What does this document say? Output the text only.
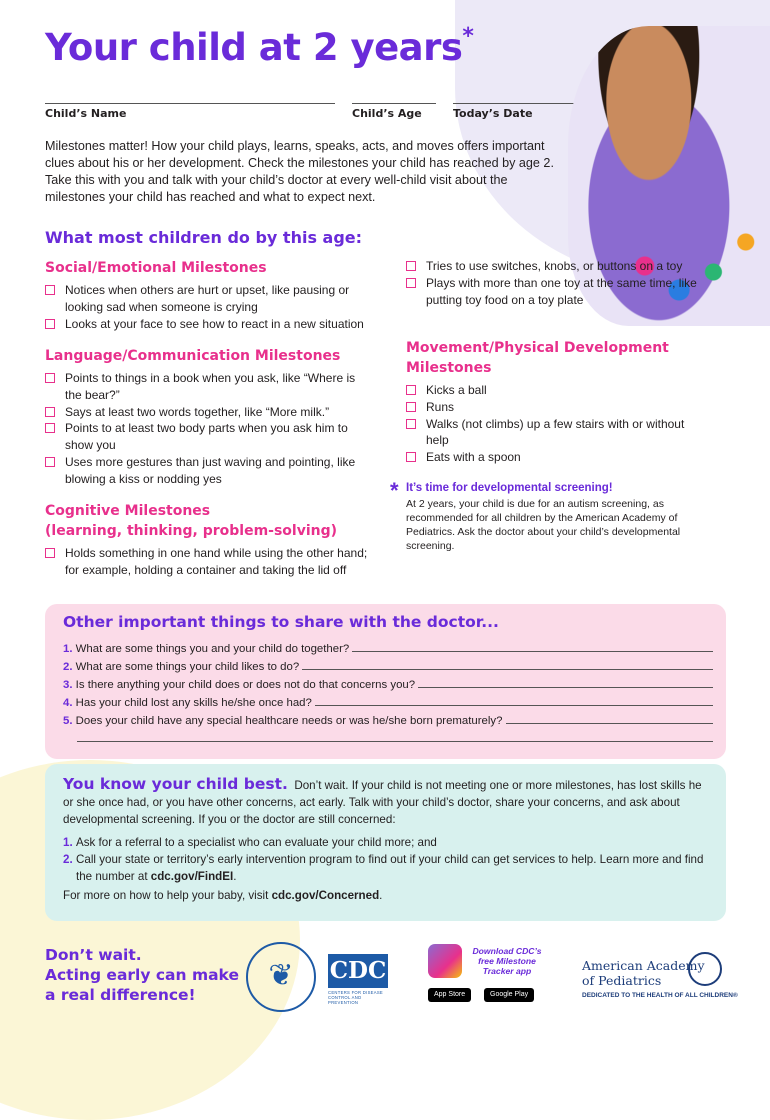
Your child at 2 years*
Child’s Name	Child’s Age	Today’s Date

Milestones matter! How your child plays, learns, speaks, acts, and moves offers important clues about his or her development. Check the milestones your child has reached by age 2. Take this with you and talk with your child’s doctor at every well-child visit about the milestones your child has reached and what to expect next.

What most children do by this age:
Social/Emotional Milestones
Notices when others are hurt or upset, like pausing or looking sad when someone is crying
Looks at your face to see how to react in a new situation
Language/Communication Milestones
Points to things in a book when you ask, like “Where is the bear?”
Says at least two words together, like “More milk.”
Points to at least two body parts when you ask him to show you
Uses more gestures than just waving and pointing, like blowing a kiss or nodding yes
Cognitive Milestones
(learning, thinking, problem-solving)
Holds something in one hand while using the other hand; for example, holding a container and taking the lid off
Tries to use switches, knobs, or buttons on a toy
Plays with more than one toy at the same time, like putting toy food on a toy plate
Movement/Physical Development
Milestones
Kicks a ball
Runs
Walks (not climbs) up a few stairs with or without help
Eats with a spoon
* It’s time for developmental screening!

At 2 years, your child is due for an autism screening, as recommended for all children by the American Academy of Pediatrics. Ask the doctor about your child’s developmental screening.

Other important things to share with the doctor...
1. What are some things you and your child do together?
2. What are some things your child likes to do?
3. Is there anything your child does or does not do that concerns you?
4. Has your child lost any skills he/she once had?
5. Does your child have any special healthcare needs or was he/she born prematurely?

You know your child best. Don’t wait. If your child is not meeting one or more milestones, has lost skills he or she once had, or you have other concerns, act early. Talk with your child’s doctor, share your concerns, and ask about developmental screening. If you or the doctor are still concerned:

1. Ask for a referral to a specialist who can evaluate your child more; and
2. Call your state or territory’s early intervention program to find out if your child can get services to help. Learn more and find the number at cdc.gov/FindEI.

For more on how to help your baby, visit cdc.gov/Concerned.

Don’t wait.
Acting early can make
a real difference!

❦	CDC
CENTERS FOR DISEASE CONTROL AND PREVENTION

Download CDC’s free Milestone Tracker app

App Store	Google Play

American Academy
of Pediatrics

DEDICATED TO THE HEALTH OF ALL CHILDREN®
